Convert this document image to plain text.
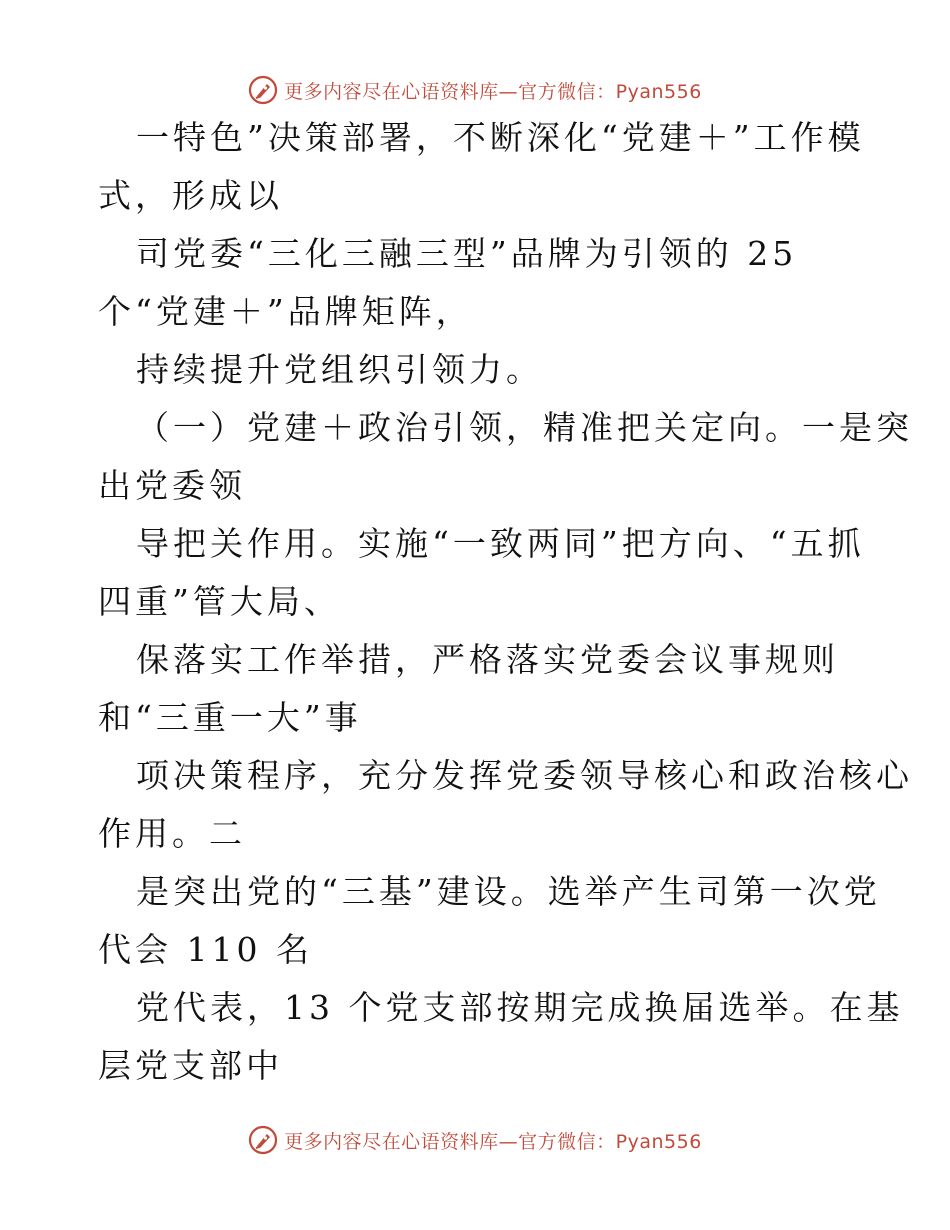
更多内容尽在心语资料库—官方微信：Pyan556
一特色”决策部署，不断深化“党建＋”工作模
式，形成以
司党委“三化三融三型”品牌为引领的 25
个“党建＋”品牌矩阵，
持续提升党组织引领力。
（一）党建＋政治引领，精准把关定向。一是突
出党委领
导把关作用。实施“一致两同”把方向、“五抓
四重”管大局、
保落实工作举措，严格落实党委会议事规则
和“三重一大”事
项决策程序，充分发挥党委领导核心和政治核心
作用。二
是突出党的“三基”建设。选举产生司第一次党
代会 110 名
党代表，13 个党支部按期完成换届选举。在基
层党支部中
更多内容尽在心语资料库—官方微信：Pyan556
